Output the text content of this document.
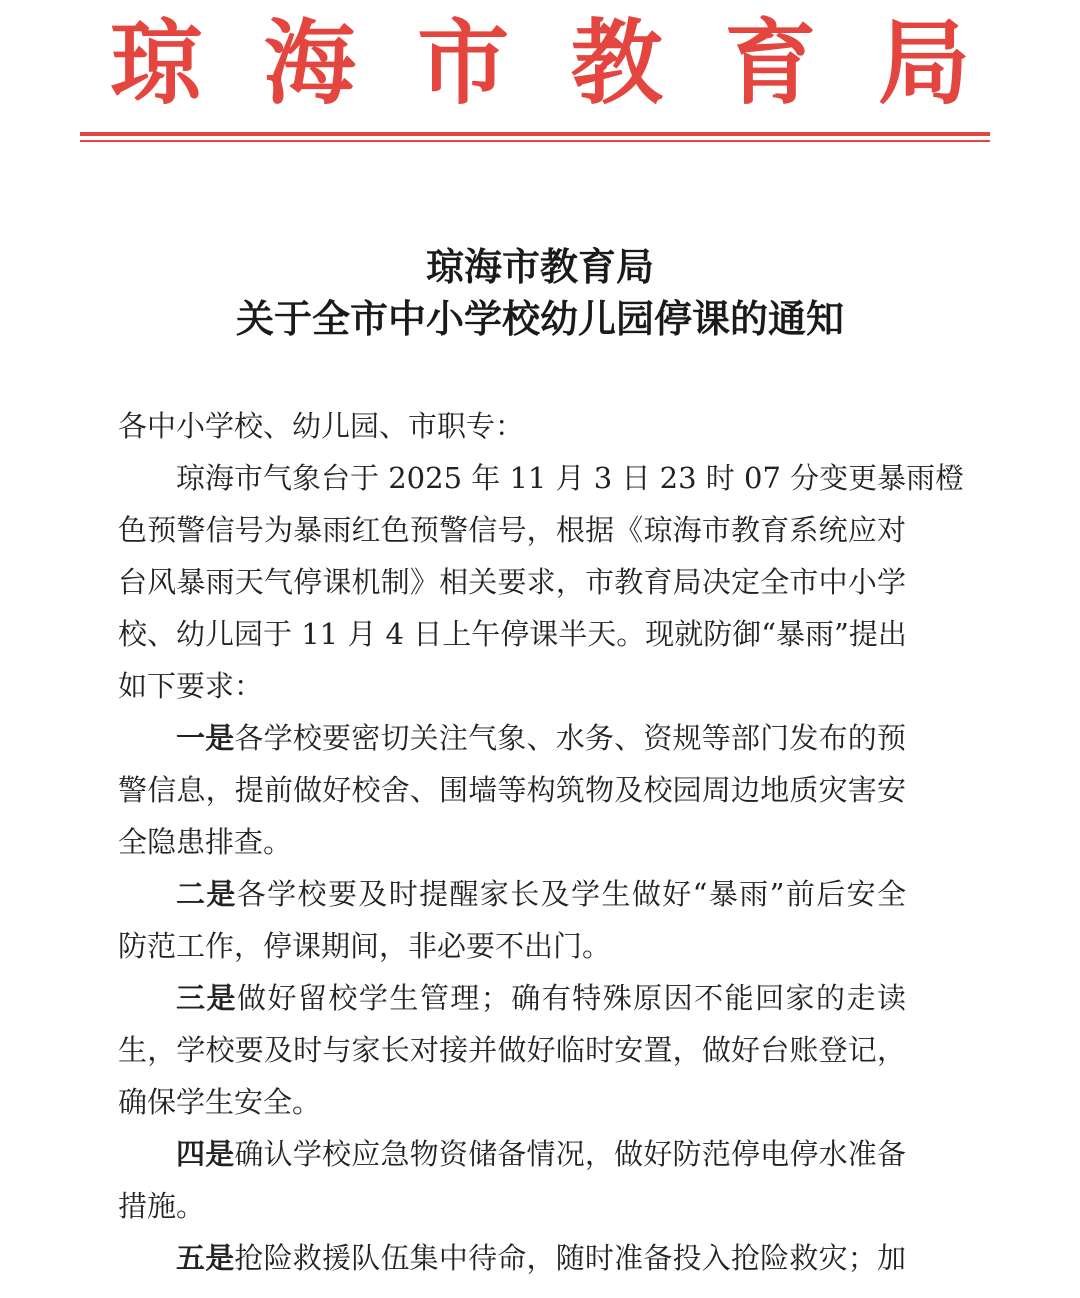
琼 海 市 教 育 局
琼海市教育局
关于全市中小学校幼儿园停课的通知
各中小学校、幼儿园、市职专：
琼海市气象台于 2025 年 11 月 3 日 23 时 07 分变更暴雨橙
色预警信号为暴雨红色预警信号，根据《琼海市教育系统应对
台风暴雨天气停课机制》相关要求，市教育局决定全市中小学
校、幼儿园于 11 月 4 日上午停课半天。现就防御“暴雨”提出
如下要求：
一是各学校要密切关注气象、水务、资规等部门发布的预
警信息，提前做好校舍、围墙等构筑物及校园周边地质灾害安
全隐患排查。
二是各学校要及时提醒家长及学生做好“暴雨”前后安全
防范工作，停课期间，非必要不出门。
三是做好留校学生管理；确有特殊原因不能回家的走读
生，学校要及时与家长对接并做好临时安置，做好台账登记，
确保学生安全。
四是确认学校应急物资储备情况，做好防范停电停水准备
措施。
五是抢险救援队伍集中待命，随时准备投入抢险救灾；加
